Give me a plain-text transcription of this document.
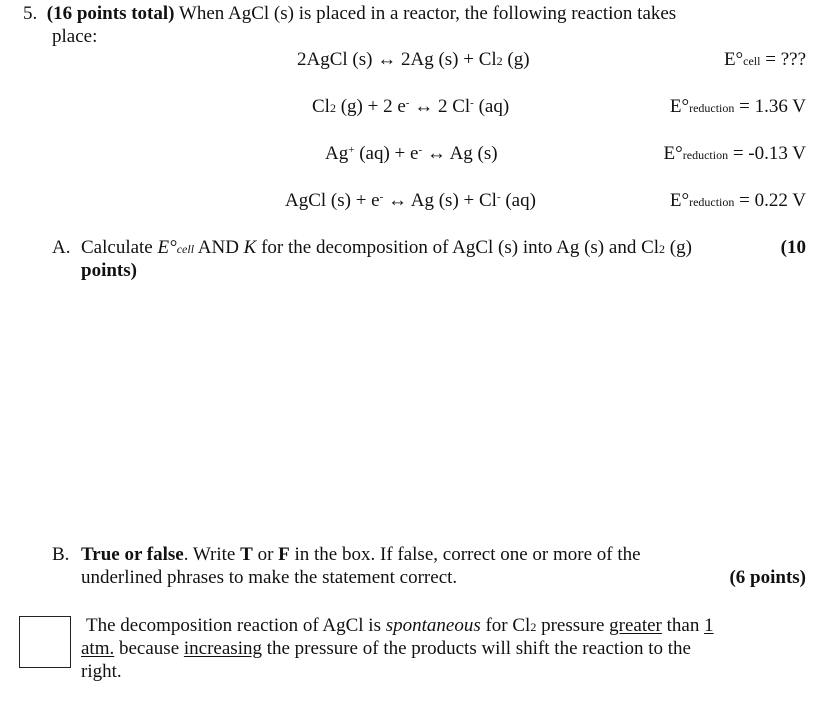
5. (16 points total) When AgCl (s) is placed in a reactor, the following reaction takes
place:
2AgCl (s) ↔ 2Ag (s) + Cl2 (g)	E°cell = ???
Cl2 (g) + 2 e- ↔ 2 Cl- (aq)	E°reduction = 1.36 V
Ag+ (aq) + e- ↔ Ag (s)	E°reduction = -0.13 V
AgCl (s) + e- ↔ Ag (s) + Cl- (aq)	E°reduction = 0.22 V
A. Calculate E°cell AND K for the decomposition of AgCl (s) into Ag (s) and Cl2 (g)	(10
points)
B. True or false. Write T or F in the box. If false, correct one or more of the
underlined phrases to make the statement correct.	(6 points)
The decomposition reaction of AgCl is spontaneous for Cl2 pressure greater than 1
atm. because increasing the pressure of the products will shift the reaction to the
right.
